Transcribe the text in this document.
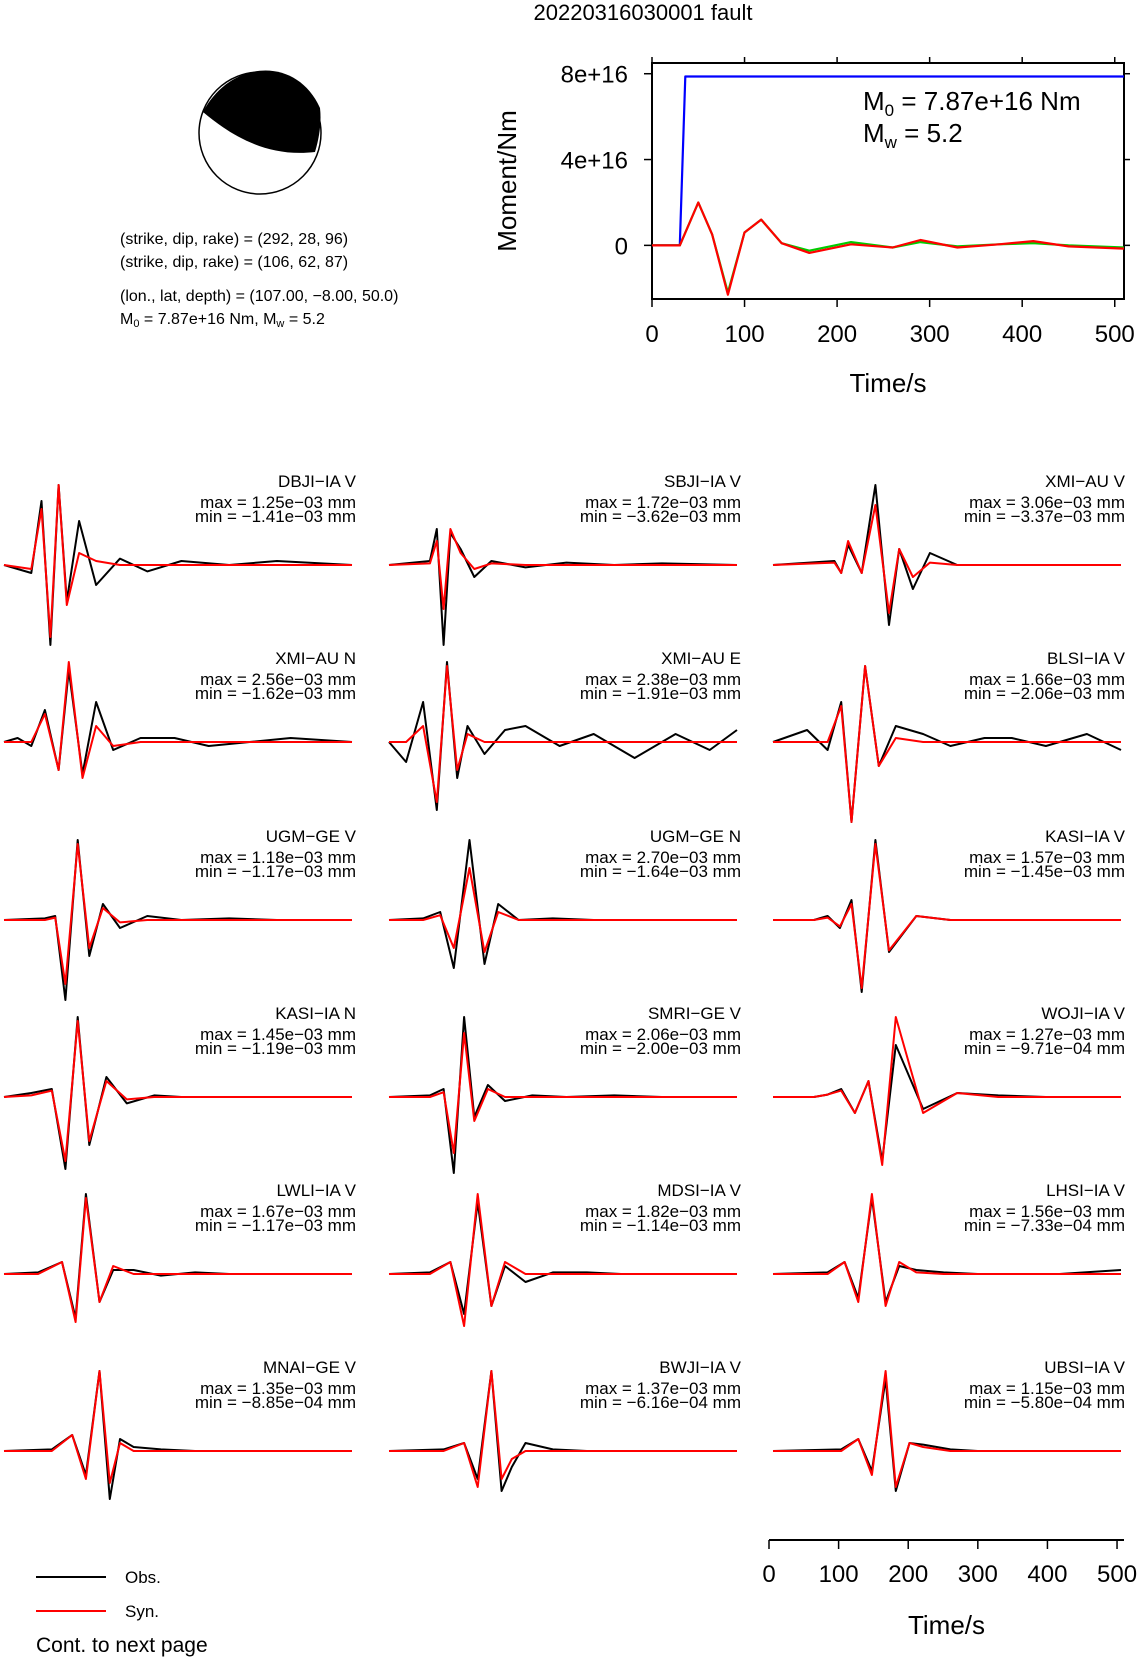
20220316030001 fault
0	100 200 300 400 500
0
4e+16
8e+16
Time/s
Moment/Nm
DBJI−IA V
max = 1.25e−03 mm
min = −1.41e−03 mm
SBJI−IA V
max = 1.72e−03 mm
min = −3.62e−03 mm
XMI−AU V
max = 3.06e−03 mm
min = −3.37e−03 mm
XMI−AU N
max = 2.56e−03 mm
min = −1.62e−03 mm
XMI−AU E
max = 2.38e−03 mm
min = −1.91e−03 mm
BLSI−IA V
max = 1.66e−03 mm
min = −2.06e−03 mm
UGM−GE V
max = 1.18e−03 mm
min = −1.17e−03 mm
UGM−GE N
max = 2.70e−03 mm
min = −1.64e−03 mm
KASI−IA V
max = 1.57e−03 mm
min = −1.45e−03 mm
KASI−IA N
max = 1.45e−03 mm
min = −1.19e−03 mm
SMRI−GE V
max = 2.06e−03 mm
min = −2.00e−03 mm
WOJI−IA V
max = 1.27e−03 mm
min = −9.71e−04 mm
LWLI−IA V
max = 1.67e−03 mm
min = −1.17e−03 mm
MDSI−IA V
max = 1.82e−03 mm
min = −1.14e−03 mm
LHSI−IA V
max = 1.56e−03 mm
min = −7.33e−04 mm
MNAI−GE V
max = 1.35e−03 mm
min = −8.85e−04 mm
BWJI−IA V
max = 1.37e−03 mm
min = −6.16e−04 mm
UBSI−IA V
max = 1.15e−03 mm
min = −5.80e−04 mm
0 100 200 300 400 500
Time/s
Obs.
Syn.
Cont. to next page
(strike, dip, rake) = (292, 28, 96)
(strike, dip, rake) = (106, 62, 87)
(lon., lat, depth) = (107.00, −8.00, 50.0)
$M_0 = 7.87e+16$ Nm, $M_w = 5.2$
$M_0 = 7.87e+16$ Nm
$M_w = 5.2$
